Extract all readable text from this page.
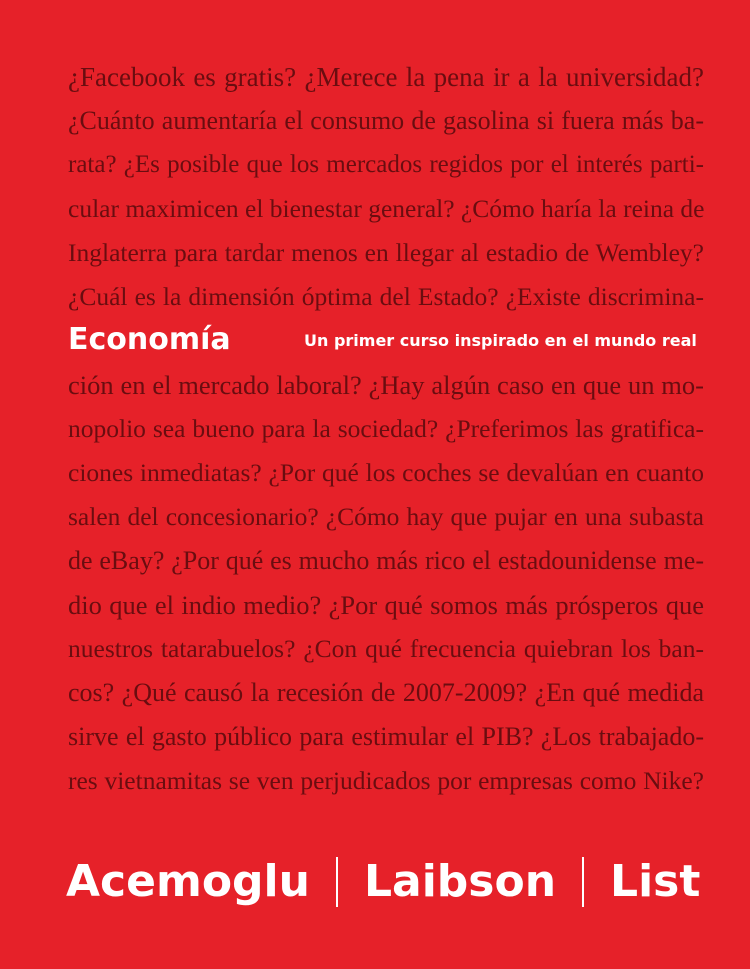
¿Facebook es gratis? ¿Merece la pena ir a la universidad?
¿Cuánto aumentaría el consumo de gasolina si fuera más ba-
rata? ¿Es posible que los mercados regidos por el interés parti-
cular maximicen el bienestar general? ¿Cómo haría la reina de
Inglaterra para tardar menos en llegar al estadio de Wembley?
¿Cuál es la dimensión óptima del Estado? ¿Existe discrimina-
Economía	Un primer curso inspirado en el mundo real
ción en el mercado laboral? ¿Hay algún caso en que un mo-
nopolio sea bueno para la sociedad? ¿Preferimos las gratifica-
ciones inmediatas? ¿Por qué los coches se devalúan en cuanto
salen del concesionario? ¿Cómo hay que pujar en una subasta
de eBay? ¿Por qué es mucho más rico el estadounidense me-
dio que el indio medio? ¿Por qué somos más prósperos que
nuestros tatarabuelos? ¿Con qué frecuencia quiebran los ban-
cos? ¿Qué causó la recesión de 2007-2009? ¿En qué medida
sirve el gasto público para estimular el PIB? ¿Los trabajado-
res vietnamitas se ven perjudicados por empresas como Nike?
Acemoglu Laibson List
